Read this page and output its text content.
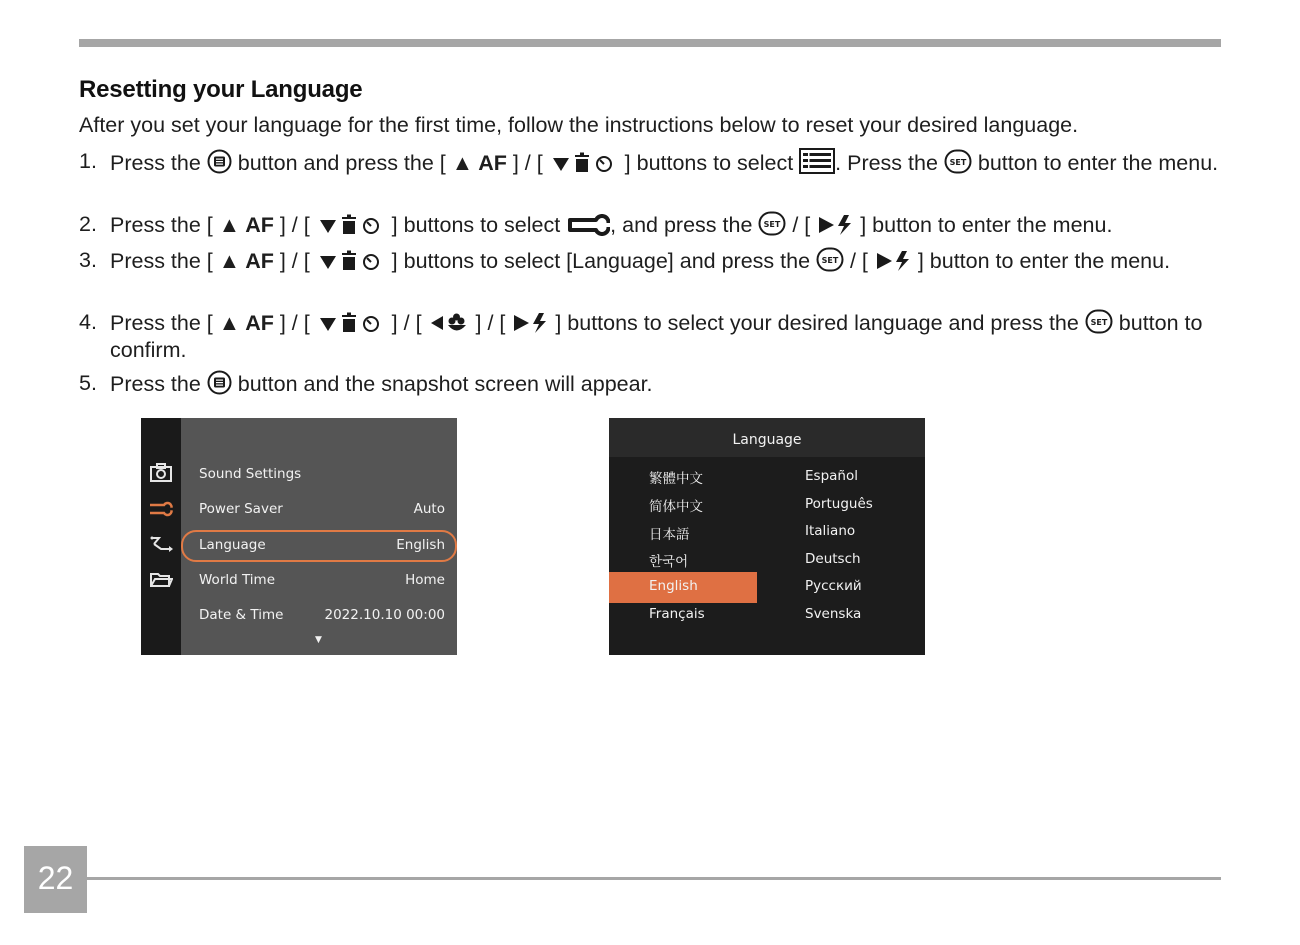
Resetting your Language

After you set your language for the first time, follow the instructions below to reset your desired language.

1. Press the  button and press the [ ▲ AF ] / [	] buttons to select . Press the SET button to enter the menu.
2. Press the [ ▲ AF ] / [	] buttons to select , and press the SET / [  ] button to enter the menu.
3. Press the [ ▲ AF ] / [	] buttons to select [Language] and press the SET / [  ] button to enter the menu.
4. Press the [ ▲ AF ] / [	] / [  ] / [  ] buttons to select your desired language and press the SET button to confirm.
5. Press the  button and the snapshot screen will appear.
Sound Settings
Power Saver	Auto
Language	English
World Time	Home
Date & Time	2022.10.10 00:00
▼
Language
繁體中文
简体中文
日本語
한국어
English
Français
Español
Português
Italiano
Deutsch
Русский
Svenska
22
